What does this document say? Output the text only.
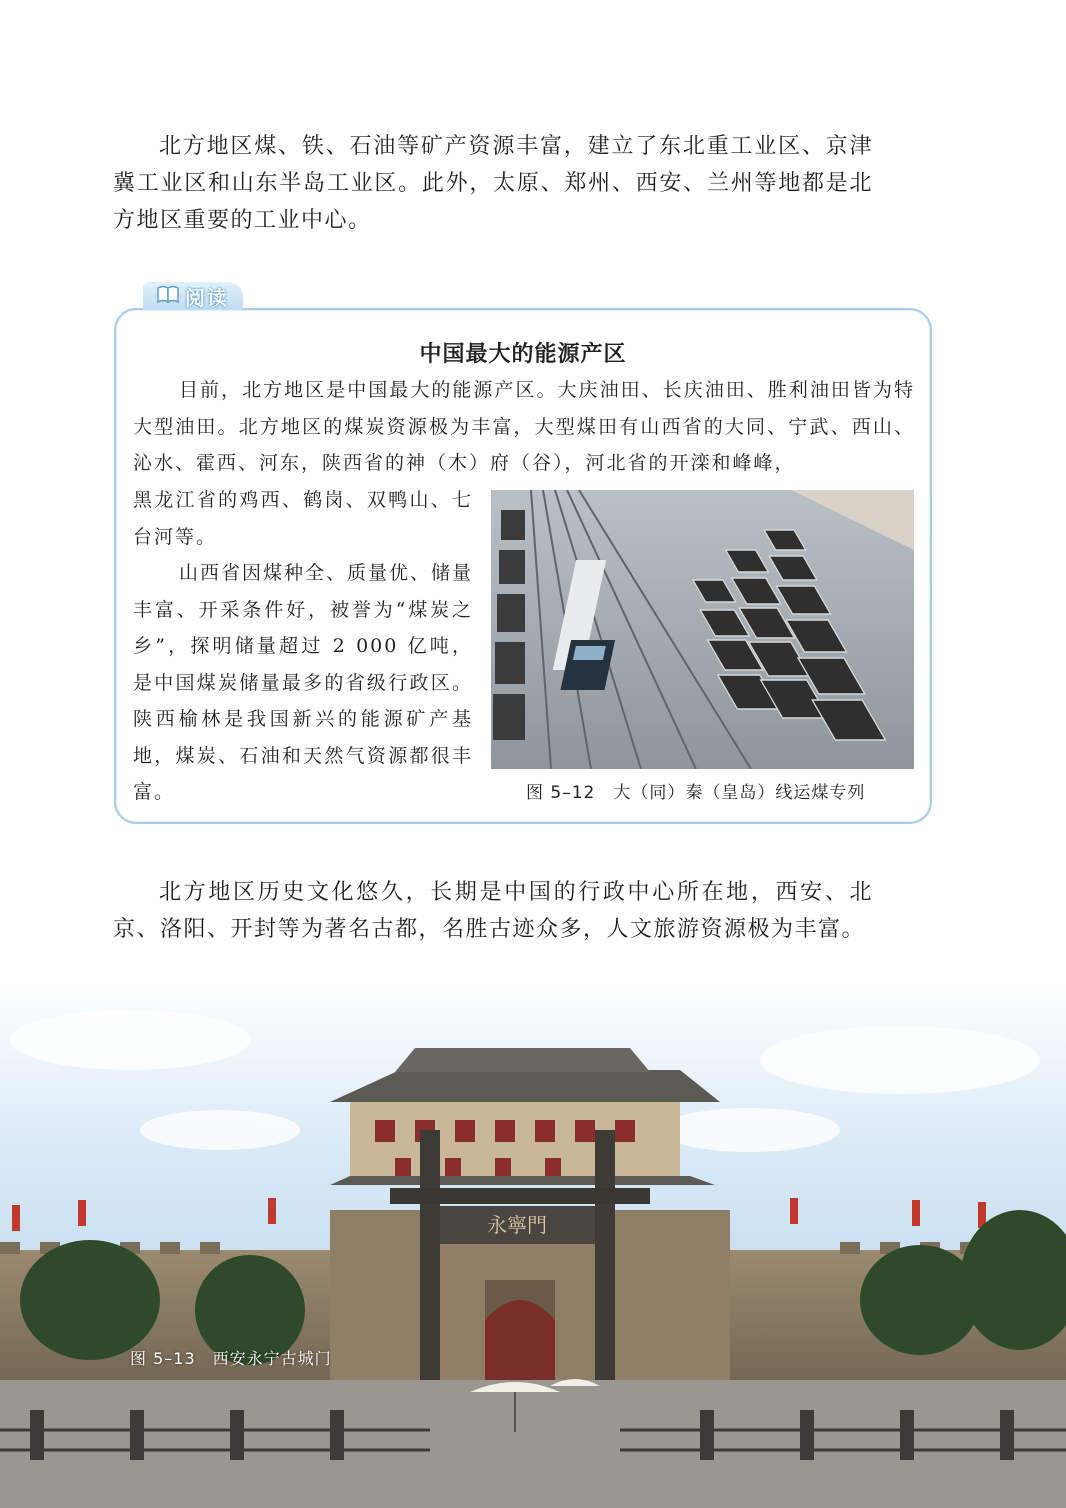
北方地区煤、铁、石油等矿产资源丰富，建立了东北重工业区、京津冀工业区和山东半岛工业区。此外，太原、郑州、西安、兰州等地都是北方地区重要的工业中心。

阅读
中国最大的能源产区
目前，北方地区是中国最大的能源产区。大庆油田、长庆油田、胜利油田皆为特大型油田。北方地区的煤炭资源极为丰富，大型煤田有山西省的大同、宁武、西山、沁水、霍西、河东，陕西省的神（木）府（谷），河北省的开滦和峰峰，
黑龙江省的鸡西、鹤岗、双鸭山、七台河等。
山西省因煤种全、质量优、储量丰富、开采条件好，被誉为“煤炭之乡”，探明储量超过 2 000 亿吨，是中国煤炭储量最多的省级行政区。陕西榆林是我国新兴的能源矿产基地，煤炭、石油和天然气资源都很丰富。	图 5–12　大（同）秦（皇岛）线运煤专列

北方地区历史文化悠久，长期是中国的行政中心所在地，西安、北京、洛阳、开封等为著名古都，名胜古迹众多，人文旅游资源极为丰富。

永寧門
图 5–13　西安永宁古城门
